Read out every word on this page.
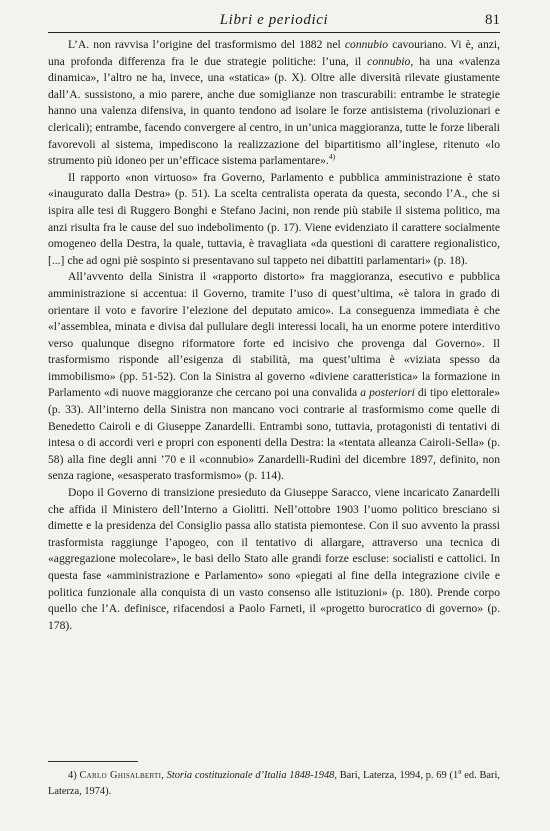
Libri e periodici	81

L’A. non ravvisa l’origine del trasformismo del 1882 nel connubio cavouriano. Vi è, anzi, una profonda differenza fra le due strategie politiche: l’una, il connubio, ha una «valenza dinamica», l’altro ne ha, invece, una «statica» (p. X). Oltre alle diversità rilevate giustamente dall’A. sussistono, a mio parere, anche due somiglianze non trascurabili: entrambe le strategie hanno una valenza difensiva, in quanto tendono ad isolare le forze antisistema (rivoluzionari e clericali); entrambe, facendo convergere al centro, in un’unica maggioranza, tutte le forze liberali favorevoli al sistema, impediscono la realizzazione del bipartitismo all’inglese, ritenuto «lo strumento più idoneo per un’efficace sistema parlamentare».$^{4)}$

Il rapporto «non virtuoso» fra Governo, Parlamento e pubblica amministrazione è stato «inaugurato dalla Destra» (p. 51). La scelta centralista operata da questa, secondo l’A., che si ispira alle tesi di Ruggero Bonghi e Stefano Jacini, non rende più stabile il sistema politico, ma anzi risulta fra le cause del suo indebolimento (p. 17). Viene evidenziato il carattere socialmente omogeneo della Destra, la quale, tuttavia, è travagliata «da questioni di carattere regionalistico, [...] che ad ogni piè sospinto si presentavano sul tappeto nei dibattiti parlamentari» (p. 18).

All’avvento della Sinistra il «rapporto distorto» fra maggioranza, esecutivo e pubblica amministrazione si accentua: il Governo, tramite l’uso di quest’ultima, «è talora in grado di orientare il voto e favorire l’elezione del deputato amico». La conseguenza immediata è che «l’assemblea, minata e divisa dal pullulare degli interessi locali, ha un enorme potere interditivo verso qualunque disegno riformatore forte ed incisivo che provenga dal Governo». Il trasformismo risponde all’esigenza di stabilità, ma quest’ultima è «viziata spesso da immobilismo» (pp. 51-52). Con la Sinistra al governo «diviene caratteristica» la formazione in Parlamento «di nuove maggioranze che cercano poi una convalida a posteriori di tipo elettorale» (p. 33). All’interno della Sinistra non mancano voci contrarie al trasformismo come quelle di Benedetto Cairoli e di Giuseppe Zanardelli. Entrambi sono, tuttavia, protagonisti di tentativi di intesa o di accordi veri e propri con esponenti della Destra: la «tentata alleanza Cairoli-Sella» (p. 58) alla fine degli anni ’70 e il «connubio» Zanardelli-Rudinì del dicembre 1897, definito, non senza ragione, «esasperato trasformismo» (p. 114).

Dopo il Governo di transizione presieduto da Giuseppe Saracco, viene incaricato Zanardelli che affida il Ministero dell’Interno a Giolitti. Nell’ottobre 1903 l’uomo politico bresciano si dimette e la presidenza del Consiglio passa allo statista piemontese. Con il suo avvento la prassi trasformista raggiunge l’apogeo, con il tentativo di allargare, attraverso una tecnica di «aggregazione molecolare», le basi dello Stato alle grandi forze escluse: socialisti e cattolici. In questa fase «amministrazione e Parlamento» sono «piegati al fine della integrazione civile e politica funzionale alla conquista di un vasto consenso alle istituzioni» (p. 180). Prende corpo quello che l’A. definisce, rifacendosi a Paolo Farneti, il «progetto burocratico di governo» (p. 178).

4) Carlo Ghisalberti, Storia costituzionale d’Italia 1848-1948, Bari, Laterza, 1994, p. 69 (1$^a$ ed. Bari, Laterza, 1974).
